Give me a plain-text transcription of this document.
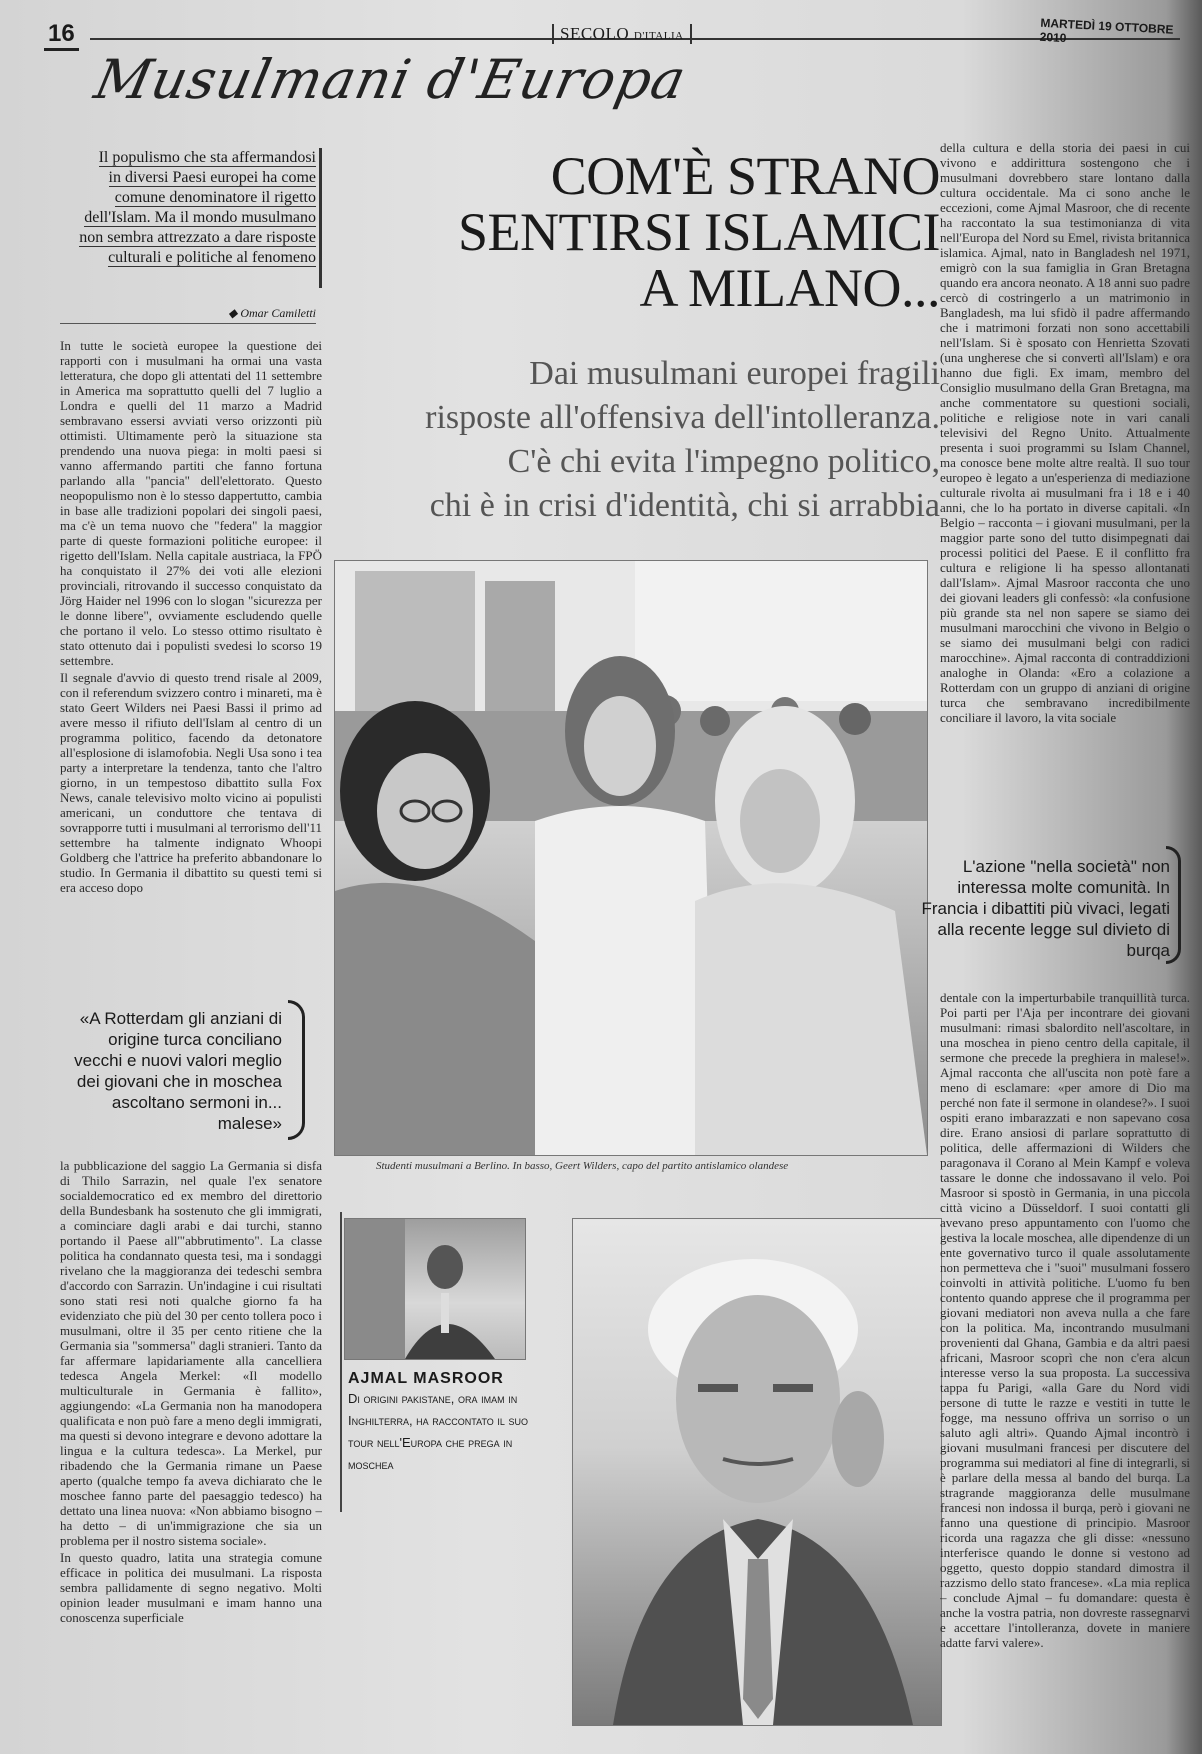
16	SECOLO D'ITALIA	MARTEDÌ 19 OTTOBRE 2010
Musulmani d'Europa
Il populismo che sta affermandosi
in diversi Paesi europei ha come
comune denominatore il rigetto
dell'Islam. Ma il mondo musulmano
non sembra attrezzato a dare risposte
culturali e politiche al fenomeno
◆ Omar Camiletti
COM'È STRANO
SENTIRSI ISLAMICI
A MILANO...
Dai musulmani europei fragili
risposte all'offensiva dell'intolleranza.
C'è chi evita l'impegno politico,
chi è in crisi d'identità, chi si arrabbia

In tutte le società europee la questione dei rapporti con i musulmani ha ormai una vasta letteratura, che dopo gli attentati del 11 settembre in America ma soprattutto quelli del 7 luglio a Londra e quelli del 11 marzo a Madrid sembravano essersi avviati verso orizzonti più ottimisti. Ultimamente però la situazione sta prendendo una nuova piega: in molti paesi si vanno affermando partiti che fanno fortuna parlando alla "pancia" dell'elettorato. Questo neopopulismo non è lo stesso dappertutto, cambia in base alle tradizioni popolari dei singoli paesi, ma c'è un tema nuovo che "federa" la maggior parte di queste formazioni politiche europee: il rigetto dell'Islam. Nella capitale austriaca, la FPÖ ha conquistato il 27% dei voti alle elezioni provinciali, ritrovando il successo conquistato da Jörg Haider nel 1996 con lo slogan "sicurezza per le donne libere", ovviamente escludendo quelle che portano il velo. Lo stesso ottimo risultato è stato ottenuto dai i populisti svedesi lo scorso 19 settembre.

Il segnale d'avvio di questo trend risale al 2009, con il referendum svizzero contro i minareti, ma è stato Geert Wilders nei Paesi Bassi il primo ad avere messo il rifiuto dell'Islam al centro di un programma politico, facendo da detonatore all'esplosione di islamofobia. Negli Usa sono i tea party a interpretare la tendenza, tanto che l'altro giorno, in un tempestoso dibattito sulla Fox News, canale televisivo molto vicino ai populisti americani, un conduttore che tentava di sovrapporre tutti i musulmani al terrorismo dell'11 settembre ha talmente indignato Whoopi Goldberg che l'attrice ha preferito abbandonare lo studio. In Germania il dibattito su questi temi si era acceso dopo

«A Rotterdam gli anziani di origine turca conciliano vecchi e nuovi valori meglio dei giovani che in moschea ascoltano sermoni in... malese»

la pubblicazione del saggio La Germania si disfa di Thilo Sarrazin, nel quale l'ex senatore socialdemocratico ed ex membro del direttorio della Bundesbank ha sostenuto che gli immigrati, a cominciare dagli arabi e dai turchi, stanno portando il Paese all'"abbrutimento". La classe politica ha condannato questa tesi, ma i sondaggi rivelano che la maggioranza dei tedeschi sembra d'accordo con Sarrazin. Un'indagine i cui risultati sono stati resi noti qualche giorno fa ha evidenziato che più del 30 per cento tollera poco i musulmani, oltre il 35 per cento ritiene che la Germania sia "sommersa" dagli stranieri. Tanto da far affermare lapidariamente alla cancelliera tedesca Angela Merkel: «Il modello multiculturale in Germania è fallito», aggiungendo: «La Germania non ha manodopera qualificata e non può fare a meno degli immigrati, ma questi si devono integrare e devono adottare la lingua e la cultura tedesca». La Merkel, pur ribadendo che la Germania rimane un Paese aperto (qualche tempo fa aveva dichiarato che le moschee fanno parte del paesaggio tedesco) ha dettato una linea nuova: «Non abbiamo bisogno – ha detto – di un'immigrazione che sia un problema per il nostro sistema sociale».

In questo quadro, latita una strategia comune efficace in politica dei musulmani. La risposta sembra pallidamente di segno negativo. Molti opinion leader musulmani e imam hanno una conoscenza superficiale

Studenti musulmani a Berlino. In basso, Geert Wilders, capo del partito antislamico olandese
AJMAL MASROOR
Di origini pakistane, ora imam in Inghilterra, ha raccontato il suo tour nell'Europa che prega in moschea

della cultura e della storia dei paesi in cui vivono e addirittura sostengono che i musulmani dovrebbero stare lontano dalla cultura occidentale. Ma ci sono anche le eccezioni, come Ajmal Masroor, che di recente ha raccontato la sua testimonianza di vita nell'Europa del Nord su Emel, rivista britannica islamica. Ajmal, nato in Bangladesh nel 1971, emigrò con la sua famiglia in Gran Bretagna quando era ancora neonato. A 18 anni suo padre cercò di costringerlo a un matrimonio in Bangladesh, ma lui sfidò il padre affermando che i matrimoni forzati non sono accettabili nell'Islam. Si è sposato con Henrietta Szovati (una ungherese che si convertì all'Islam) e ora hanno due figli. Ex imam, membro del Consiglio musulmano della Gran Bretagna, ma anche commentatore su questioni sociali, politiche e religiose note in vari canali televisivi del Regno Unito. Attualmente presenta i suoi programmi su Islam Channel, ma conosce bene molte altre realtà. Il suo tour europeo è legato a un'esperienza di mediazione culturale rivolta ai musulmani fra i 18 e i 40 anni, che lo ha portato in diverse capitali. «In Belgio – racconta – i giovani musulmani, per la maggior parte sono del tutto disimpegnati dai processi politici del Paese. E il conflitto fra cultura e religione li ha spesso allontanati dall'Islam». Ajmal Masroor racconta che uno dei giovani leaders gli confessò: «la confusione più grande sta nel non sapere se siamo dei musulmani marocchini che vivono in Belgio o se siamo dei musulmani belgi con radici marocchine». Ajmal racconta di contraddizioni analoghe in Olanda: «Ero a colazione a Rotterdam con un gruppo di anziani di origine turca che sembravano incredibilmente conciliare il lavoro, la vita sociale

L'azione "nella società" non interessa molte comunità. In Francia i dibattiti più vivaci, legati alla recente legge sul divieto di burqa

dentale con la imperturbabile tranquillità turca. Poi parti per l'Aja per incontrare dei giovani musulmani: rimasi sbalordito nell'ascoltare, in una moschea in pieno centro della capitale, il sermone che precede la preghiera in malese!». Ajmal racconta che all'uscita non potè fare a meno di esclamare: «per amore di Dio ma perché non fate il sermone in olandese?». I suoi ospiti erano imbarazzati e non sapevano cosa dire. Erano ansiosi di parlare soprattutto di politica, delle affermazioni di Wilders che paragonava il Corano al Mein Kampf e voleva tassare le donne che indossavano il velo. Poi Masroor si spostò in Germania, in una piccola città vicino a Düsseldorf. I suoi contatti gli avevano preso appuntamento con l'uomo che gestiva la locale moschea, alle dipendenze di un ente governativo turco il quale assolutamente non permetteva che i "suoi" musulmani fossero coinvolti in attività politiche. L'uomo fu ben contento quando apprese che il programma per giovani mediatori non aveva nulla a che fare con la politica. Ma, incontrando musulmani provenienti dal Ghana, Gambia e da altri paesi africani, Masroor scoprì che non c'era alcun interesse verso la sua proposta. La successiva tappa fu Parigi, «alla Gare du Nord vidi persone di tutte le razze e vestiti in tutte le fogge, ma nessuno offriva un sorriso o un saluto agli altri». Quando Ajmal incontrò i giovani musulmani francesi per discutere del programma sui mediatori al fine di integrarli, si è parlare della messa al bando del burqa. La stragrande maggioranza delle musulmane francesi non indossa il burqa, però i giovani ne fanno una questione di principio. Masroor ricorda una ragazza che gli disse: «nessuno interferisce quando le donne si vestono ad oggetto, questo doppio standard dimostra il razzismo dello stato francese». «La mia replica – conclude Ajmal – fu domandare: questa è anche la vostra patria, non dovreste rassegnarvi e accettare l'intolleranza, dovete in maniere adatte farvi valere».
